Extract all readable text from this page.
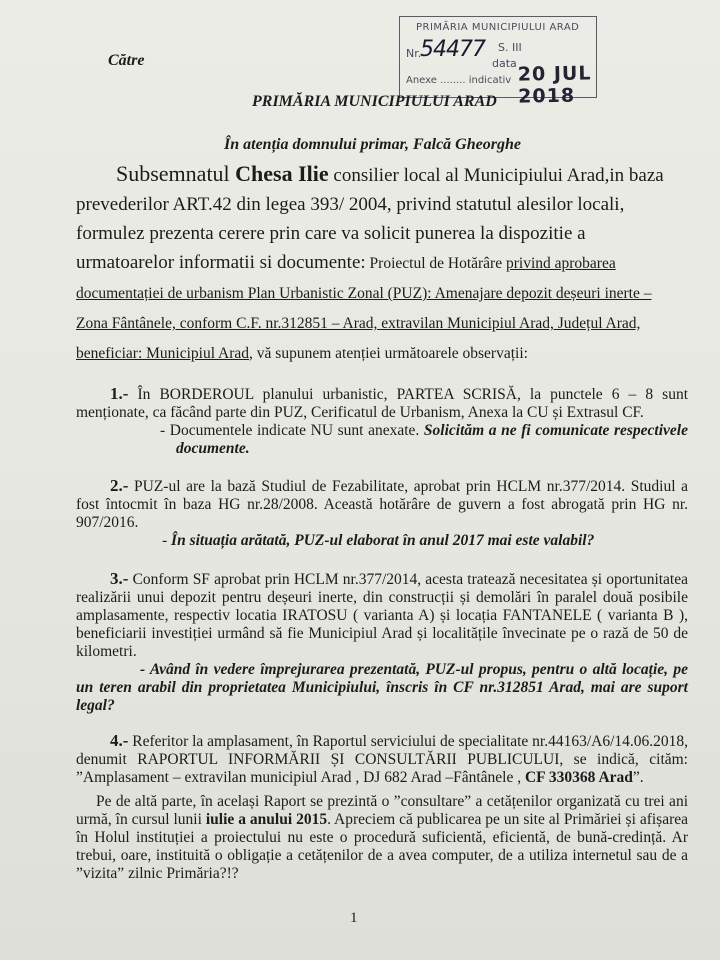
Către
PRIMĂRIA MUNICIPIULUI ARAD
Nr.
54477 S. III
data
Anexe ........ indicativ 20 JUL 2018
PRIMĂRIA MUNICIPIULUI ARAD
În atenția domnului primar, Falcă Gheorghe
Subsemnatul Chesa Ilie consilier local al Municipiului Arad,in baza prevederilor ART.42 din legea 393/ 2004, privind statutul alesilor locali, formulez prezenta cerere prin care va solicit punerea la dispozitie a urmatoarelor informatii si documente: Proiectul de Hotărâre privind aprobarea documentației de urbanism Plan Urbanistic Zonal (PUZ): Amenajare depozit deșeuri inerte – Zona Fântânele, conform C.F. nr.312851 – Arad, extravilan Municipiul Arad, Județul Arad, beneficiar: Municipiul Arad, vă supunem atenției următoarele observații:
1.- În BORDEROUL planului urbanistic, PARTEA SCRISĂ, la punctele 6 – 8 sunt menționate, ca făcând parte din PUZ, Cerificatul de Urbanism, Anexa la CU și Extrasul CF.
- Documentele indicate NU sunt anexate. Solicităm a ne fi comunicate respectivele documente.
2.- PUZ-ul are la bază Studiul de Fezabilitate, aprobat prin HCLM nr.377/2014. Studiul a fost întocmit în baza HG nr.28/2008. Această hotărâre de guvern a fost abrogată prin HG nr. 907/2016.
- În situația arătată, PUZ-ul elaborat în anul 2017 mai este valabil?
3.- Conform SF aprobat prin HCLM nr.377/2014, acesta tratează necesitatea și oportunitatea realizării unui depozit pentru deșeuri inerte, din construcții și demolări în paralel două posibile amplasamente, respectiv locatia IRATOSU ( varianta A) și locația FANTANELE ( varianta B ), beneficiarii investiției urmând să fie Municipiul Arad și localitățile învecinate pe o rază de 50 de kilometri.
- Având în vedere împrejurarea prezentată, PUZ-ul propus, pentru o altă locație, pe un teren arabil din proprietatea Municipiului, înscris în CF nr.312851 Arad, mai are suport legal?
4.- Referitor la amplasament, în Raportul serviciului de specialitate nr.44163/A6/14.06.2018, denumit RAPORTUL INFORMĂRII ȘI CONSULTĂRII PUBLICULUI, se indică, cităm: ”Amplasament – extravilan municipiul Arad , DJ 682 Arad –Fântânele , CF 330368 Arad”.
Pe de altă parte, în același Raport se prezintă o ”consultare” a cetățenilor organizată cu trei ani urmă, în cursul lunii iulie a anului 2015. Apreciem că publicarea pe un site al Primăriei și afișarea în Holul instituției a proiectului nu este o procedură suficientă, eficientă, de bună-credință. Ar trebui, oare, instituită o obligație a cetățenilor de a avea computer, de a utiliza internetul sau de a ”vizita” zilnic Primăria?!?
1
